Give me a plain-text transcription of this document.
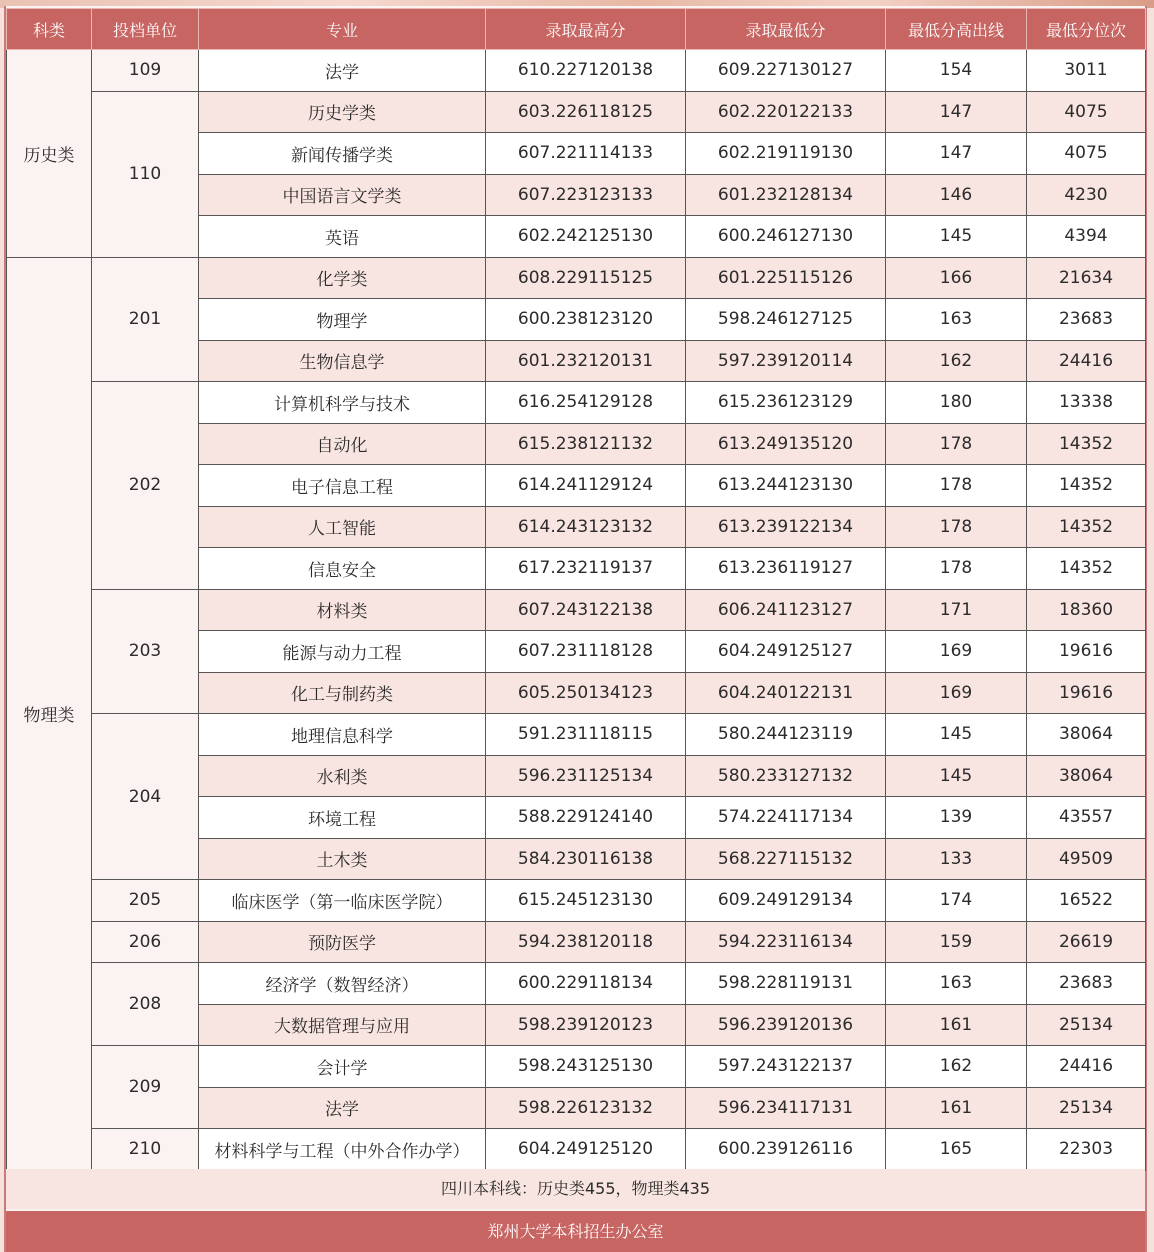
科类	投档单位	专业	录取最高分	录取最低分	最低分高出线	最低分位次
历史类	109	法学	610.227120138	609.227130127	154	3011
	110	历史学类	603.226118125	602.220122133	147	4075
		新闻传播学类	607.221114133	602.219119130	147	4075
		中国语言文学类	607.223123133	601.232128134	146	4230
		英语	602.242125130	600.246127130	145	4394
物理类	201	化学类	608.229115125	601.225115126	166	21634
		物理学	600.238123120	598.246127125	163	23683
		生物信息学	601.232120131	597.239120114	162	24416
	202	计算机科学与技术	616.254129128	615.236123129	180	13338
		自动化	615.238121132	613.249135120	178	14352
		电子信息工程	614.241129124	613.244123130	178	14352
		人工智能	614.243123132	613.239122134	178	14352
		信息安全	617.232119137	613.236119127	178	14352
	203	材料类	607.243122138	606.241123127	171	18360
		能源与动力工程	607.231118128	604.249125127	169	19616
		化工与制药类	605.250134123	604.240122131	169	19616
	204	地理信息科学	591.231118115	580.244123119	145	38064
		水利类	596.231125134	580.233127132	145	38064
		环境工程	588.229124140	574.224117134	139	43557
		土木类	584.230116138	568.227115132	133	49509
	205	临床医学（第一临床医学院）	615.245123130	609.249129134	174	16522
	206	预防医学	594.238120118	594.223116134	159	26619
	208	经济学（数智经济）	600.229118134	598.228119131	163	23683
		大数据管理与应用	598.239120123	596.239120136	161	25134
	209	会计学	598.243125130	597.243122137	162	24416
		法学	598.226123132	596.234117131	161	25134
	210	材料科学与工程（中外合作办学）	604.249125120	600.239126116	165	22303
四川本科线：历史类455，物理类435
郑州大学本科招生办公室
